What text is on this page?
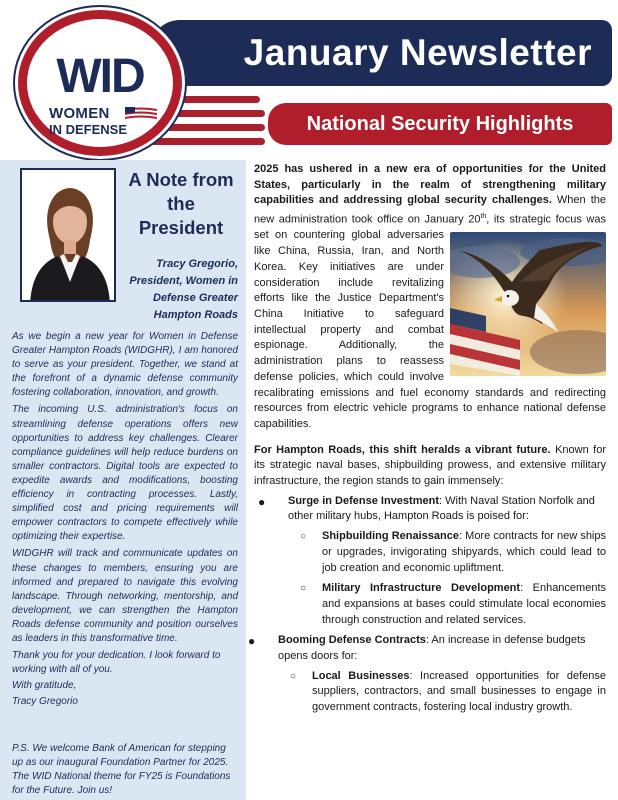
January Newsletter
National Security Highlights
WID
WOMEN
IN DEFENSE
A Note from the President
Tracy Gregorio, President, Women in Defense Greater Hampton Roads

As we begin a new year for Women in Defense Greater Hampton Roads (WIDGHR), I am honored to serve as your president. Together, we stand at the forefront of a dynamic defense community fostering collaboration, innovation, and growth.

The incoming U.S. administration's focus on streamlining defense operations offers new opportunities to address key challenges. Clearer compliance guidelines will help reduce burdens on smaller contractors. Digital tools are expected to expedite awards and modifications, boosting efficiency in contracting processes. Lastly, simplified cost and pricing requirements will empower contractors to compete effectively while optimizing their expertise.

WIDGHR will track and communicate updates on these changes to members, ensuring you are informed and prepared to navigate this evolving landscape. Through networking, mentorship, and development, we can strengthen the Hampton Roads defense community and position ourselves as leaders in this transformative time.

Thank you for your dedication. I look forward to working with all of you.

With gratitude,

Tracy Gregorio

P.S. We welcome Bank of American for stepping up as our inaugural Foundation Partner for 2025. The WID National theme for FY25 is Foundations for the Future. Join us!

2025 has ushered in a new era of opportunities for the United States, particularly in the realm of strengthening military capabilities and addressing global security challenges. When the new administration took office on January 20th
, its strategic focus was set on countering global adversaries like China, Russia, Iran, and North Korea. Key initiatives are under consideration include revitalizing efforts like the Justice Department's China Initiative to safeguard intellectual property and combat espionage. Additionally, the administration plans to reassess defense policies, which could involve recalibrating emissions and fuel economy standards and redirecting resources from electric vehicle programs to enhance national defense capabilities.

For Hampton Roads, this shift heralds a vibrant future. Known for its strategic naval bases, shipbuilding prowess, and extensive military infrastructure, the region stands to gain immensely:

● Surge in Defense Investment: With Naval Station Norfolk and other military hubs, Hampton Roads is poised for:
○ Shipbuilding Renaissance: More contracts for new ships or upgrades, invigorating shipyards, which could lead to job creation and economic upliftment.
○ Military Infrastructure Development: Enhancements and expansions at bases could stimulate local economies through construction and related services.
● Booming Defense Contracts: An increase in defense budgets opens doors for:
○ Local Businesses: Increased opportunities for defense suppliers, contractors, and small businesses to engage in government contracts, fostering local industry growth.
